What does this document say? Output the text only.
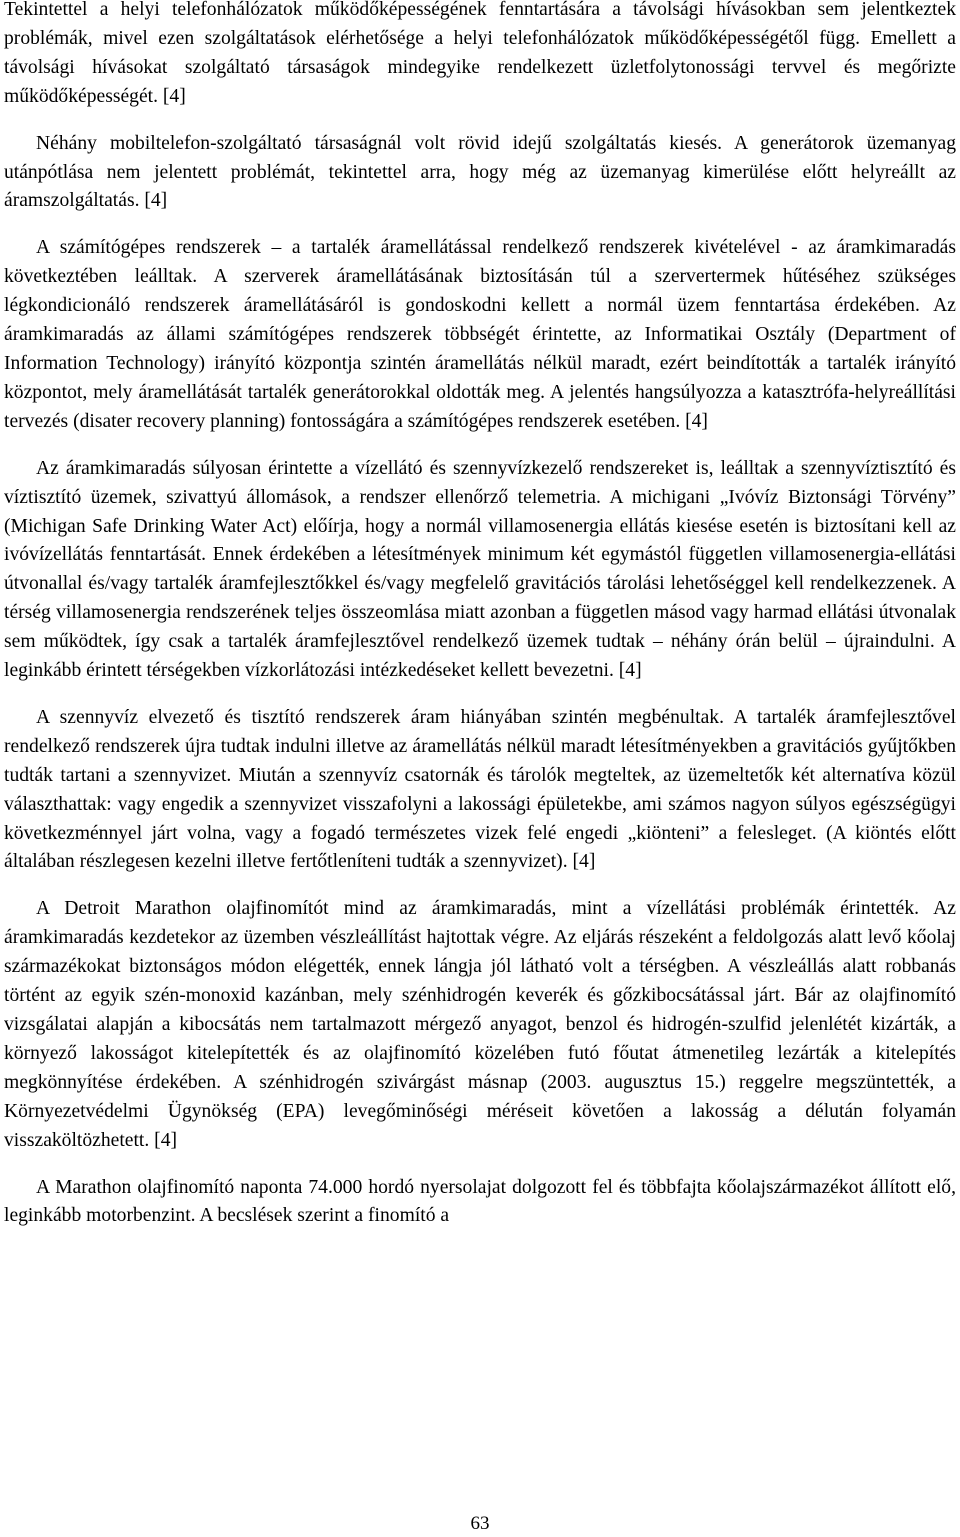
Tekintettel a helyi telefonhálózatok működőképességének fenntartására a távolsági hívásokban sem jelentkeztek problémák, mivel ezen szolgáltatások elérhetősége a helyi telefonhálózatok működőképességétől függ. Emellett a távolsági hívásokat szolgáltató társaságok mindegyike rendelkezett üzletfolytonossági tervvel és megőrizte működőképességét. [4]

Néhány mobiltelefon-szolgáltató társaságnál volt rövid idejű szolgáltatás kiesés. A generátorok üzemanyag utánpótlása nem jelentett problémát, tekintettel arra, hogy még az üzemanyag kimerülése előtt helyreállt az áramszolgáltatás. [4]

A számítógépes rendszerek – a tartalék áramellátással rendelkező rendszerek kivételével - az áramkimaradás következtében leálltak. A szerverek áramellátásának biztosításán túl a szervertermek hűtéséhez szükséges légkondicionáló rendszerek áramellátásáról is gondoskodni kellett a normál üzem fenntartása érdekében. Az áramkimaradás az állami számítógépes rendszerek többségét érintette, az Informatikai Osztály (Department of Information Technology) irányító központja szintén áramellátás nélkül maradt, ezért beindították a tartalék irányító központot, mely áramellátását tartalék generátorokkal oldották meg. A jelentés hangsúlyozza a katasztrófa-helyreállítási tervezés (disater recovery planning) fontosságára a számítógépes rendszerek esetében. [4]

Az áramkimaradás súlyosan érintette a vízellátó és szennyvízkezelő rendszereket is, leálltak a szennyvíztisztító és víztisztító üzemek, szivattyú állomások, a rendszer ellenőrző telemetria. A michigani „Ivóvíz Biztonsági Törvény” (Michigan Safe Drinking Water Act) előírja, hogy a normál villamosenergia ellátás kiesése esetén is biztosítani kell az ivóvízellátás fenntartását. Ennek érdekében a létesítmények minimum két egymástól független villamosenergia-ellátási útvonallal és/vagy tartalék áramfejlesztőkkel és/vagy megfelelő gravitációs tárolási lehetőséggel kell rendelkezzenek. A térség villamosenergia rendszerének teljes összeomlása miatt azonban a független másod vagy harmad ellátási útvonalak sem működtek, így csak a tartalék áramfejlesztővel rendelkező üzemek tudtak – néhány órán belül – újraindulni. A leginkább érintett térségekben vízkorlátozási intézkedéseket kellett bevezetni. [4]

A szennyvíz elvezető és tisztító rendszerek áram hiányában szintén megbénultak. A tartalék áramfejlesztővel rendelkező rendszerek újra tudtak indulni illetve az áramellátás nélkül maradt létesítményekben a gravitációs gyűjtőkben tudták tartani a szennyvizet. Miután a szennyvíz csatornák és tárolók megteltek, az üzemeltetők két alternatíva közül választhattak: vagy engedik a szennyvizet visszafolyni a lakossági épületekbe, ami számos nagyon súlyos egészségügyi következménnyel járt volna, vagy a fogadó természetes vizek felé engedi „kiönteni” a felesleget. (A kiöntés előtt általában részlegesen kezelni illetve fertőtleníteni tudták a szennyvizet). [4]

A Detroit Marathon olajfinomítót mind az áramkimaradás, mint a vízellátási problémák érintették. Az áramkimaradás kezdetekor az üzemben vészleállítást hajtottak végre. Az eljárás részeként a feldolgozás alatt levő kőolaj származékokat biztonságos módon elégették, ennek lángja jól látható volt a térségben. A vészleállás alatt robbanás történt az egyik szén-monoxid kazánban, mely szénhidrogén keverék és gőzkibocsátással járt. Bár az olajfinomító vizsgálatai alapján a kibocsátás nem tartalmazott mérgező anyagot, benzol és hidrogén-szulfid jelenlétét kizárták, a környező lakosságot kitelepítették és az olajfinomító közelében futó főutat átmenetileg lezárták a kitelepítés megkönnyítése érdekében. A szénhidrogén szivárgást másnap (2003. augusztus 15.) reggelre megszüntették, a Környezetvédelmi Ügynökség (EPA) levegőminőségi méréseit követően a lakosság a délután folyamán visszaköltözhetett. [4]

A Marathon olajfinomító naponta 74.000 hordó nyersolajat dolgozott fel és többfajta kőolajszármazékot állított elő, leginkább motorbenzint. A becslések szerint a finomító a

63
